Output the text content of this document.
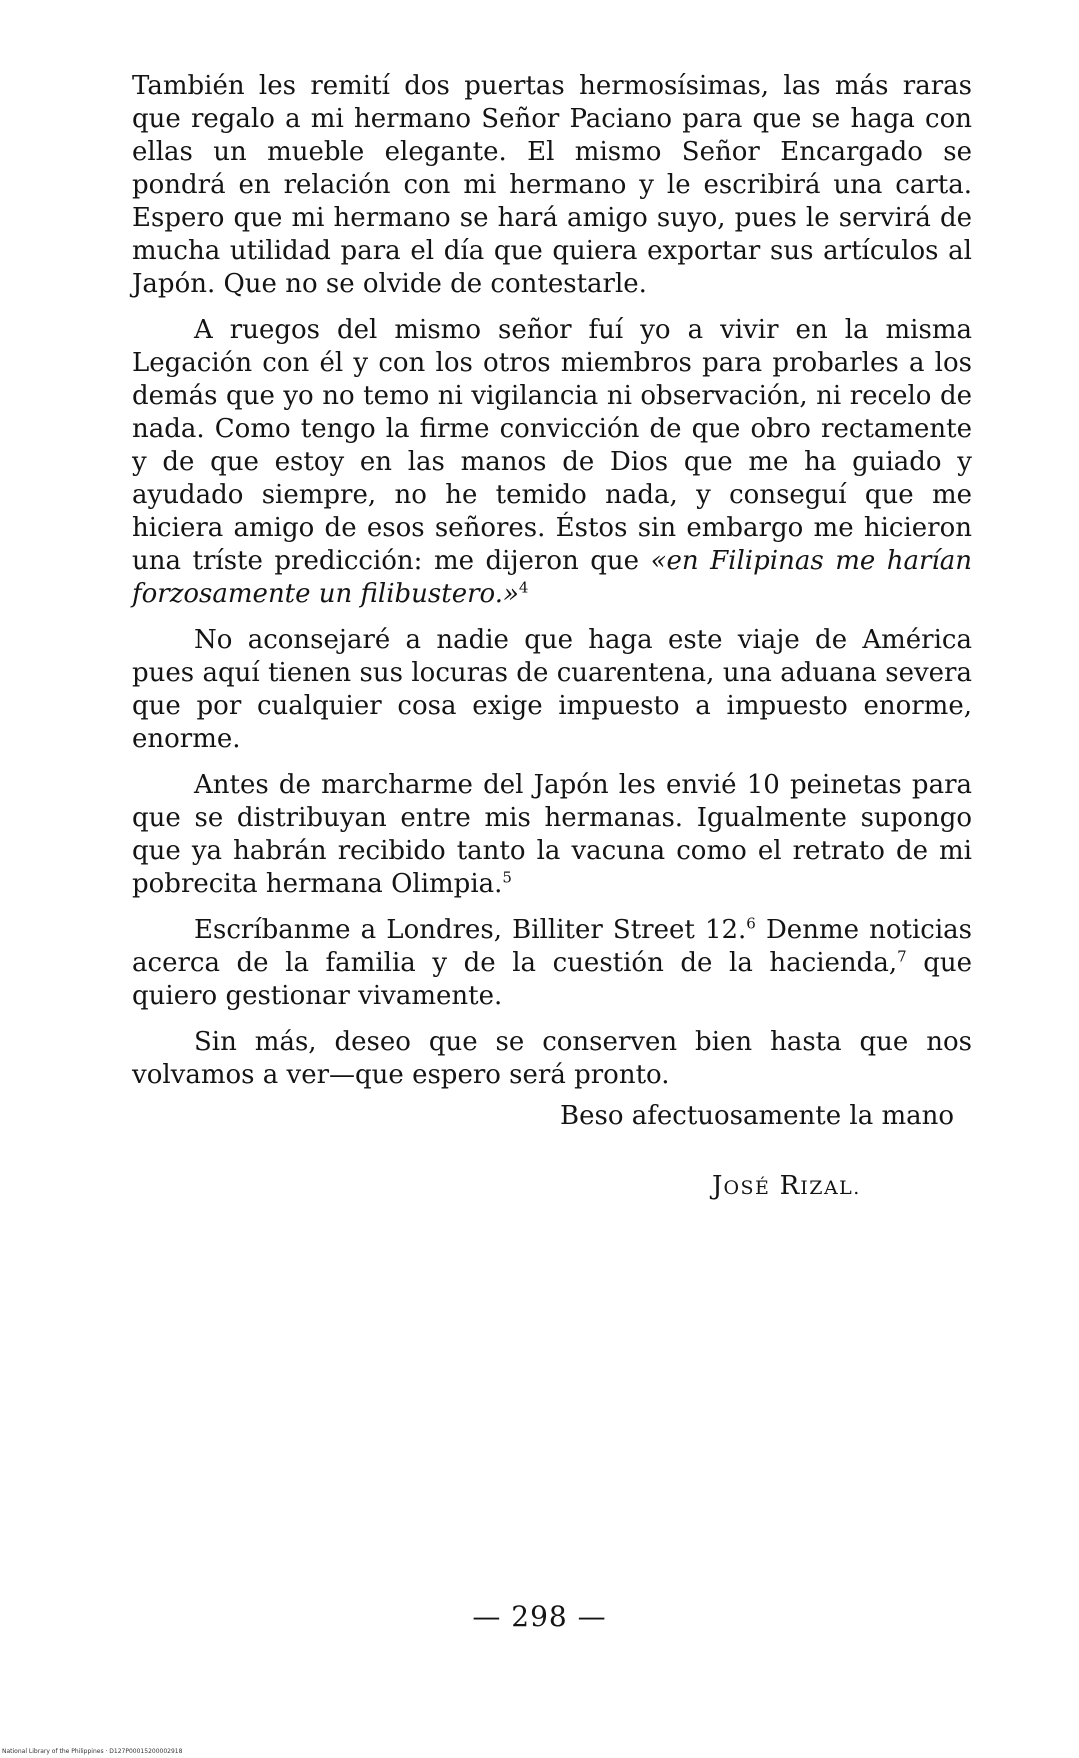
También les remití dos puertas hermosísimas, las más raras que regalo a mi hermano Señor Paciano para que se haga con ellas un mueble elegante. El mismo Señor Encargado se pondrá en relación con mi hermano y le escribirá una carta. Espero que mi hermano se hará amigo suyo, pues le servirá de mucha utilidad para el día que quiera exportar sus artículos al Japón. Que no se olvide de contestarle.

A ruegos del mismo señor fuí yo a vivir en la misma Legación con él y con los otros miembros para probarles a los demás que yo no temo ni vigilancia ni observación, ni recelo de nada. Como tengo la firme convicción de que obro rectamente y de que estoy en las manos de Dios que me ha guiado y ayudado siempre, no he temido nada, y conseguí que me hiciera amigo de esos señores. Éstos sin embargo me hicieron una tríste predicción: me dijeron que «en Filipinas me harían forzosamente un filibustero.»$^4$

No aconsejaré a nadie que haga este viaje de América pues aquí tienen sus locuras de cuarentena, una aduana severa que por cualquier cosa exige impuesto a impuesto enorme, enorme.

Antes de marcharme del Japón les envié 10 peinetas para que se distribuyan entre mis hermanas. Igualmente supongo que ya habrán recibido tanto la vacuna como el retrato de mi pobrecita hermana Olimpia.$^5$

Escríbanme a Londres, Billiter Street 12.$^6$ Denme noticias acerca de la familia y de la cuestión de la hacienda,$^7$ que quiero gestionar vivamente.

Sin más, deseo que se conserven bien hasta que nos volvamos a ver—que espero será pronto.

Beso afectuosamente la mano
JOSÉ RIZAL.
— 298 —
National Library of the Philippines · D127P00015200002918
